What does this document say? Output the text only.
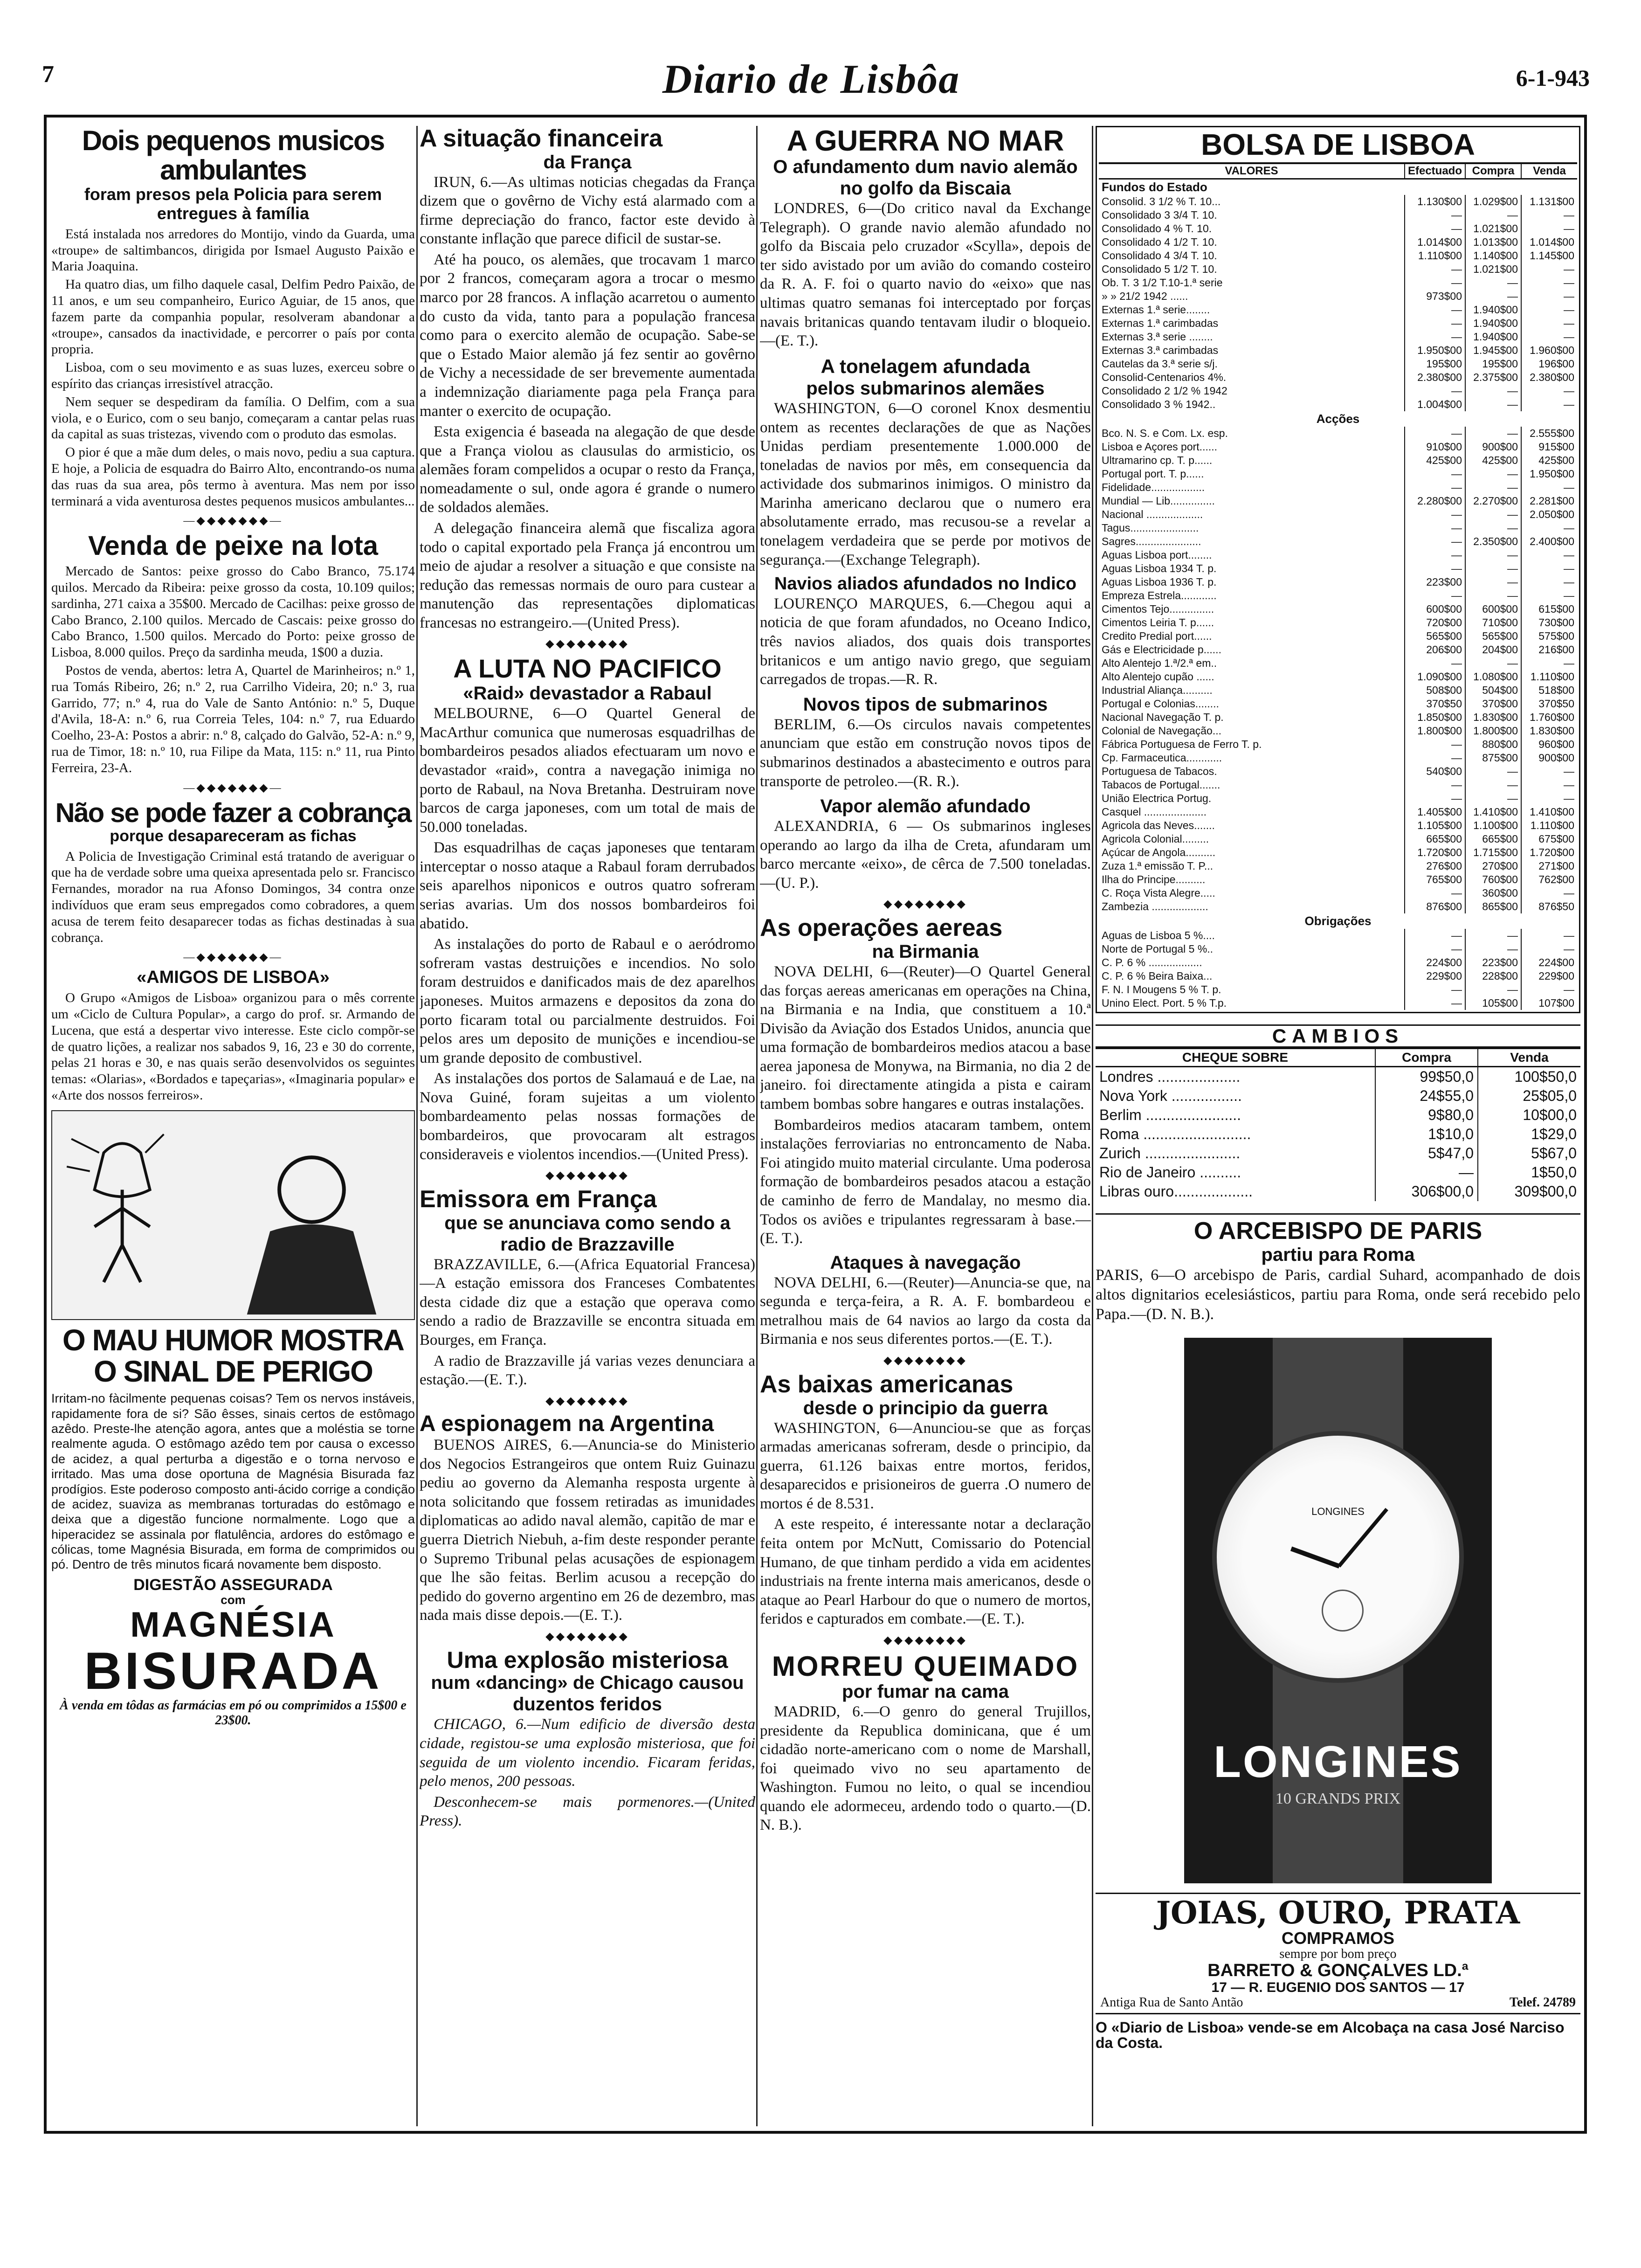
7	Diario de Lisbôa	6-1-943
Dois pequenos musicos ambulantes
foram presos pela Policia para serem entregues à família

Está instalada nos arredores do Montijo, vindo da Guarda, uma «troupe» de saltimbancos, dirigida por Ismael Augusto Paixão e Maria Joaquina.

Ha quatro dias, um filho daquele casal, Delfim Pedro Paixão, de 11 anos, e um seu companheiro, Eurico Aguiar, de 15 anos, que fazem parte da companhia popular, resolveram abandonar a «troupe», cansados da inactividade, e percorrer o país por conta propria.

Lisboa, com o seu movimento e as suas luzes, exerceu sobre o espírito das crianças irresistível atracção.

Nem sequer se despediram da família. O Delfim, com a sua viola, e o Eurico, com o seu banjo, começaram a cantar pelas ruas da capital as suas tristezas, vivendo com o produto das esmolas.

O pior é que a mãe dum deles, o mais novo, pediu a sua captura. E hoje, a Policia de esquadra do Bairro Alto, encontrando-os numa das ruas da sua area, pôs termo à aventura. Mas nem por isso terminará a vida aventurosa destes pequenos musicos ambulantes...

—◆◆◆◆◆◆◆—
Venda de peixe na lota

Mercado de Santos: peixe grosso do Cabo Branco, 75.174 quilos. Mercado da Ribeira: peixe grosso da costa, 10.109 quilos; sardinha, 271 caixa a 35$00. Mercado de Cacilhas: peixe grosso de Cabo Branco, 2.100 quilos. Mercado de Cascais: peixe grosso do Cabo Branco, 1.500 quilos. Mercado do Porto: peixe grosso de Lisboa, 8.000 quilos. Preço da sardinha meuda, 1$00 a duzia.

Postos de venda, abertos: letra A, Quartel de Marinheiros; n.º 1, rua Tomás Ribeiro, 26; n.º 2, rua Carrilho Videira, 20; n.º 3, rua Garrido, 77; n.º 4, rua do Vale de Santo António: n.º 5, Duque d'Avila, 18-A: n.º 6, rua Correia Teles, 104: n.º 7, rua Eduardo Coelho, 23-A: Postos a abrir: n.º 8, calçado do Galvão, 52-A: n.º 9, rua de Timor, 18: n.º 10, rua Filipe da Mata, 115: n.º 11, rua Pinto Ferreira, 23-A.

—◆◆◆◆◆◆◆—
Não se pode fazer a cobrança
porque desapareceram as fichas

A Policia de Investigação Criminal está tratando de averiguar o que ha de verdade sobre uma queixa apresentada pelo sr. Francisco Fernandes, morador na rua Afonso Domingos, 34 contra onze indivíduos que eram seus empregados como cobradores, a quem acusa de terem feito desaparecer todas as fichas destinadas à sua cobrança.

—◆◆◆◆◆◆◆—
«AMIGOS DE LISBOA»

O Grupo «Amigos de Lisboa» organizou para o mês corrente um «Ciclo de Cultura Popular», a cargo do prof. sr. Armando de Lucena, que está a despertar vivo interesse. Este ciclo compõr-se de quatro lições, a realizar nos sabados 9, 16, 23 e 30 do corrente, pelas 21 horas e 30, e nas quais serão desenvolvidos os seguintes temas: «Olarias», «Bordados e tapeçarias», «Imaginaria popular» e «Arte dos nossos ferreiros».

O MAU HUMOR MOSTRA
O SINAL DE PERIGO
Irritam-no fàcilmente pequenas coisas? Tem os nervos instáveis, rapidamente fora de si? São êsses, sinais certos de estômago azêdo. Preste-lhe atenção agora, antes que a moléstia se torne realmente aguda. O estômago azêdo tem por causa o excesso de acidez, a qual perturba a digestão e o torna nervoso e irritado. Mas uma dose oportuna de Magnésia Bisurada faz prodígios. Este poderoso composto anti-ácido corrige a condição de acidez, suaviza as membranas torturadas do estômago e deixa que a digestão funcione normalmente. Logo que a hiperacidez se assinala por flatulência, ardores do estômago e cólicas, tome Magnésia Bisurada, em forma de comprimidos ou pó. Dentro de três minutos ficará novamente bem disposto.
DIGESTÃO ASSEGURADA
com
MAGNÉSIA
BISURADA
À venda em tôdas as farmácias em pó ou comprimidos a 15$00 e 23$00.
A situação financeira
da França

IRUN, 6.—As ultimas noticias chegadas da França dizem que o govêrno de Vichy está alarmado com a firme depreciação do franco, factor este devido à constante inflação que parece dificil de sustar-se.

Até ha pouco, os alemães, que trocavam 1 marco por 2 francos, começaram agora a trocar o mesmo marco por 28 francos. A inflação acarretou o aumento do custo da vida, tanto para a população francesa como para o exercito alemão de ocupação. Sabe-se que o Estado Maior alemão já fez sentir ao govêrno de Vichy a necessidade de ser brevemente aumentada a indemnização diariamente paga pela França para manter o exercito de ocupação.

Esta exigencia é baseada na alegação de que desde que a França violou as clausulas do armisticio, os alemães foram compelidos a ocupar o resto da França, nomeadamente o sul, onde agora é grande o numero de soldados alemães.

A delegação financeira alemã que fiscaliza agora todo o capital exportado pela França já encontrou um meio de ajudar a resolver a situação e que consiste na redução das remessas normais de ouro para custear a manutenção das representações diplomaticas francesas no estrangeiro.—(United Press).

◆◆◆◆◆◆◆◆
A LUTA NO PACIFICO
«Raid» devastador a Rabaul

MELBOURNE, 6—O Quartel General de MacArthur comunica que numerosas esquadrilhas de bombardeiros pesados aliados efectuaram um novo e devastador «raid», contra a navegação inimiga no porto de Rabaul, na Nova Bretanha. Destruiram nove barcos de carga japoneses, com um total de mais de 50.000 toneladas.

Das esquadrilhas de caças japoneses que tentaram interceptar o nosso ataque a Rabaul foram derrubados seis aparelhos niponicos e outros quatro sofreram serias avarias. Um dos nossos bombardeiros foi abatido.

As instalações do porto de Rabaul e o aeródromo sofreram vastas destruições e incendios. No solo foram destruidos e danificados mais de dez aparelhos japoneses. Muitos armazens e depositos da zona do porto ficaram total ou parcialmente destruidos. Foi pelos ares um deposito de munições e incendiou-se um grande deposito de combustivel.

As instalações dos portos de Salamauá e de Lae, na Nova Guiné, foram sujeitas a um violento bombardeamento pelas nossas formações de bombardeiros, que provocaram alt estragos consideraveis e violentos incendios.—(United Press).

◆◆◆◆◆◆◆◆
Emissora em França
que se anunciava como sendo a radio de Brazzaville

BRAZZAVILLE, 6.—(Africa Equatorial Francesa)—A estação emissora dos Franceses Combatentes desta cidade diz que a estação que operava como sendo a radio de Brazzaville se encontra situada em Bourges, em França.

A radio de Brazzaville já varias vezes denunciara a estação.—(E. T.).

◆◆◆◆◆◆◆◆
A espionagem na Argentina

BUENOS AIRES, 6.—Anuncia-se do Ministerio dos Negocios Estrangeiros que ontem Ruiz Guinazu pediu ao governo da Alemanha resposta urgente à nota solicitando que fossem retiradas as imunidades diplomaticas ao adido naval alemão, capitão de mar e guerra Dietrich Niebuh, a-fim deste responder perante o Supremo Tribunal pelas acusações de espionagem que lhe são feitas. Berlim acusou a recepção do pedido do governo argentino em 26 de dezembro, mas nada mais disse depois.—(E. T.).

◆◆◆◆◆◆◆◆
Uma explosão misteriosa
num «dancing» de Chicago causou duzentos feridos

CHICAGO, 6.—Num edificio de diversão desta cidade, registou-se uma explosão misteriosa, que foi seguida de um violento incendio. Ficaram feridas, pelo menos, 200 pessoas.

Desconhecem-se mais pormenores.—(United Press).

A GUERRA NO MAR
O afundamento dum navio alemão no golfo da Biscaia

LONDRES, 6—(Do critico naval da Exchange Telegraph). O grande navio alemão afundado no golfo da Biscaia pelo cruzador «Scylla», depois de ter sido avistado por um avião do comando costeiro da R. A. F. foi o quarto navio do «eixo» que nas ultimas quatro semanas foi interceptado por forças navais britanicas quando tentavam iludir o bloqueio.—(E. T.).

A tonelagem afundada
pelos submarinos alemães

WASHINGTON, 6—O coronel Knox desmentiu ontem as recentes declarações de que as Nações Unidas perdiam presentemente 1.000.000 de toneladas de navios por mês, em consequencia da actividade dos submarinos inimigos. O ministro da Marinha americano declarou que o numero era absolutamente errado, mas recusou-se a revelar a tonelagem verdadeira que se perde por motivos de segurança.—(Exchange Telegraph).

Navios aliados afundados no Indico

LOURENÇO MARQUES, 6.—Chegou aqui a noticia de que foram afundados, no Oceano Indico, três navios aliados, dos quais dois transportes britanicos e um antigo navio grego, que seguiam carregados de tropas.—R. R.

Novos tipos de submarinos

BERLIM, 6.—Os circulos navais competentes anunciam que estão em construção novos tipos de submarinos destinados a abastecimento e outros para transporte de petroleo.—(R. R.).

Vapor alemão afundado

ALEXANDRIA, 6 — Os submarinos ingleses operando ao largo da ilha de Creta, afundaram um barco mercante «eixo», de cêrca de 7.500 toneladas.—(U. P.).

◆◆◆◆◆◆◆◆
As operações aereas
na Birmania

NOVA DELHI, 6—(Reuter)—O Quartel General das forças aereas americanas em operações na China, na Birmania e na India, que constituem a 10.ª Divisão da Aviação dos Estados Unidos, anuncia que uma formação de bombardeiros medios atacou a base aerea japonesa de Monywa, na Birmania, no dia 2 de janeiro. foi directamente atingida a pista e cairam tambem bombas sobre hangares e outras instalações.

Bombardeiros medios atacaram tambem, ontem instalações ferroviarias no entroncamento de Naba. Foi atingido muito material circulante. Uma poderosa formação de bombardeiros pesados atacou a estação de caminho de ferro de Mandalay, no mesmo dia. Todos os aviões e tripulantes regressaram à base.—(E. T.).

Ataques à navegação

NOVA DELHI, 6.—(Reuter)—Anuncia-se que, na segunda e terça-feira, a R. A. F. bombardeou e metralhou mais de 64 navios ao largo da costa da Birmania e nos seus diferentes portos.—(E. T.).

◆◆◆◆◆◆◆◆
As baixas americanas
desde o principio da guerra

WASHINGTON, 6—Anunciou-se que as forças armadas americanas sofreram, desde o principio, da guerra, 61.126 baixas entre mortos, feridos, desaparecidos e prisioneiros de guerra .O numero de mortos é de 8.531.

A este respeito, é interessante notar a declaração feita ontem por McNutt, Comissario do Potencial Humano, de que tinham perdido a vida em acidentes industriais na frente interna mais americanos, desde o ataque ao Pearl Harbour do que o numero de mortos, feridos e capturados em combate.—(E. T.).

◆◆◆◆◆◆◆◆
MORREU QUEIMADO
por fumar na cama

MADRID, 6.—O genro do general Trujillos, presidente da Republica dominicana, que é um cidadão norte-americano com o nome de Marshall, foi queimado vivo no seu apartamento de Washington. Fumou no leito, o qual se incendiou quando ele adormeceu, ardendo todo o quarto.—(D. N. B.).

BOLSA DE LISBOA
VALORES	Efectuado	Compra	Venda
Fundos do Estado			
Consolid. 3 1/2 % T. 10...	1.130$00	1.029$00	1.131$00
Consolidado 3 3/4 T. 10.	—	—	—
Consolidado 4 % T. 10.	—	1.021$00	—
Consolidado 4 1/2 T. 10.	1.014$00	1.013$00	1.014$00
Consolidado 4 3/4 T. 10.	1.110$00	1.140$00	1.145$00
Consolidado 5 1/2 T. 10.	—	1.021$00	—
Ob. T. 3 1/2 T.10-1.ª serie	—	—	—
» » 21/2 1942 ......	973$00	—	—
Externas 1.ª serie........	—	1.940$00	—
Externas 1.ª carimbadas	—	1.940$00	—
Externas 3.ª serie ........	—	1.940$00	—
Externas 3.ª carimbadas	1.950$00	1.945$00	1.960$00
Cautelas da 3.ª serie s/j.	195$00	195$00	196$00
Consolid-Centenarios 4%.	2.380$00	2.375$00	2.380$00
Consolidado 2 1/2 % 1942	—	—	—
Consolidado 3 % 1942..	1.004$00	—	—
Acções			
Bco. N. S. e Com. Lx. esp.	—	—	2.555$00
Lisboa e Açores port......	910$00	900$00	915$00
Ultramarino cp. T. p......	425$00	425$00	425$00
Portugal port. T. p......	—	—	1.950$00
Fidelidade..................	—	—	—
Mundial — Lib...............	2.280$00	2.270$00	2.281$00
Nacional ...................	—	—	2.050$00
Tagus.......................	—	—	—
Sagres......................	—	2.350$00	2.400$00
Aguas Lisboa port........	—	—	—
Aguas Lisboa 1934 T. p.	—	—	—
Aguas Lisboa 1936 T. p.	223$00	—	—
Empreza Estrela............	—	—	—
Cimentos Tejo...............	600$00	600$00	615$00
Cimentos Leiria T. p......	720$00	710$00	730$00
Credito Predial port......	565$00	565$00	575$00
Gás e Electricidade p......	206$00	204$00	216$00
Alto Alentejo 1.ª/2.ª em..	—	—	—
Alto Alentejo cupão ......	1.090$00	1.080$00	1.110$00
Industrial Aliança..........	508$00	504$00	518$00
Portugal e Colonias........	370$50	370$00	370$50
Nacional Navegação T. p.	1.850$00	1.830$00	1.760$00
Colonial de Navegação...	1.800$00	1.800$00	1.830$00
Fábrica Portuguesa de Ferro T. p.	—	880$00	960$00
Cp. Farmaceutica............	—	875$00	900$00
Portuguesa de Tabacos.	540$00	—	—
Tabacos de Portugal.......	—	—	—
União Electrica Portug.	—	—	—
Casquel .....................	1.405$00	1.410$00	1.410$00
Agricola das Neves.......	1.105$00	1.100$00	1.110$00
Agricola Colonial.........	665$00	665$00	675$00
Açúcar de Angola..........	1.720$00	1.715$00	1.720$00
Zuza 1.ª emissão T. P...	276$00	270$00	271$00
Ilha do Principe..........	765$00	760$00	762$00
C. Roça Vista Alegre.....	—	360$00	—
Zambezia ...................	876$00	865$00	876$50
Obrigações			
Aguas de Lisboa 5 %....	—	—	—
Norte de Portugal 5 %..	—	—	—
C. P. 6 % ..................	224$00	223$00	224$00
C. P. 6 % Beira Baixa...	229$00	228$00	229$00
F. N. I Mougens 5 % T. p.	—	—	—
Unino Elect. Port. 5 % T.p.	—	105$00	107$00
CAMBIOS
CHEQUE SOBRE	Compra	Venda
Londres ....................	99$50,0	100$50,0
Nova York .................	24$55,0	25$05,0
Berlim .......................	9$80,0	10$00,0
Roma ..........................	1$10,0	1$29,0
Zurich .......................	5$47,0	5$67,0
Rio de Janeiro ..........	—	1$50,0
Libras ouro...................	306$00,0	309$00,0
O ARCEBISPO DE PARIS
partiu para Roma
PARIS, 6—O arcebispo de Paris, cardial Suhard, acompanhado de dois altos dignitarios ecelesiásticos, partiu para Roma, onde será recebido pelo Papa.—(D. N. B.).
LONGINES
LONGINES
10 GRANDS PRIX
JOIAS, OURO, PRATA
COMPRAMOS
sempre por bom preço
BARRETO & GONÇALVES LD.ª
17 — R. EUGENIO DOS SANTOS — 17
Antiga Rua de Santo Antão	Telef. 24789
O «Diario de Lisboa» vende-se em Alcobaça na casa José Narciso da Costa.
